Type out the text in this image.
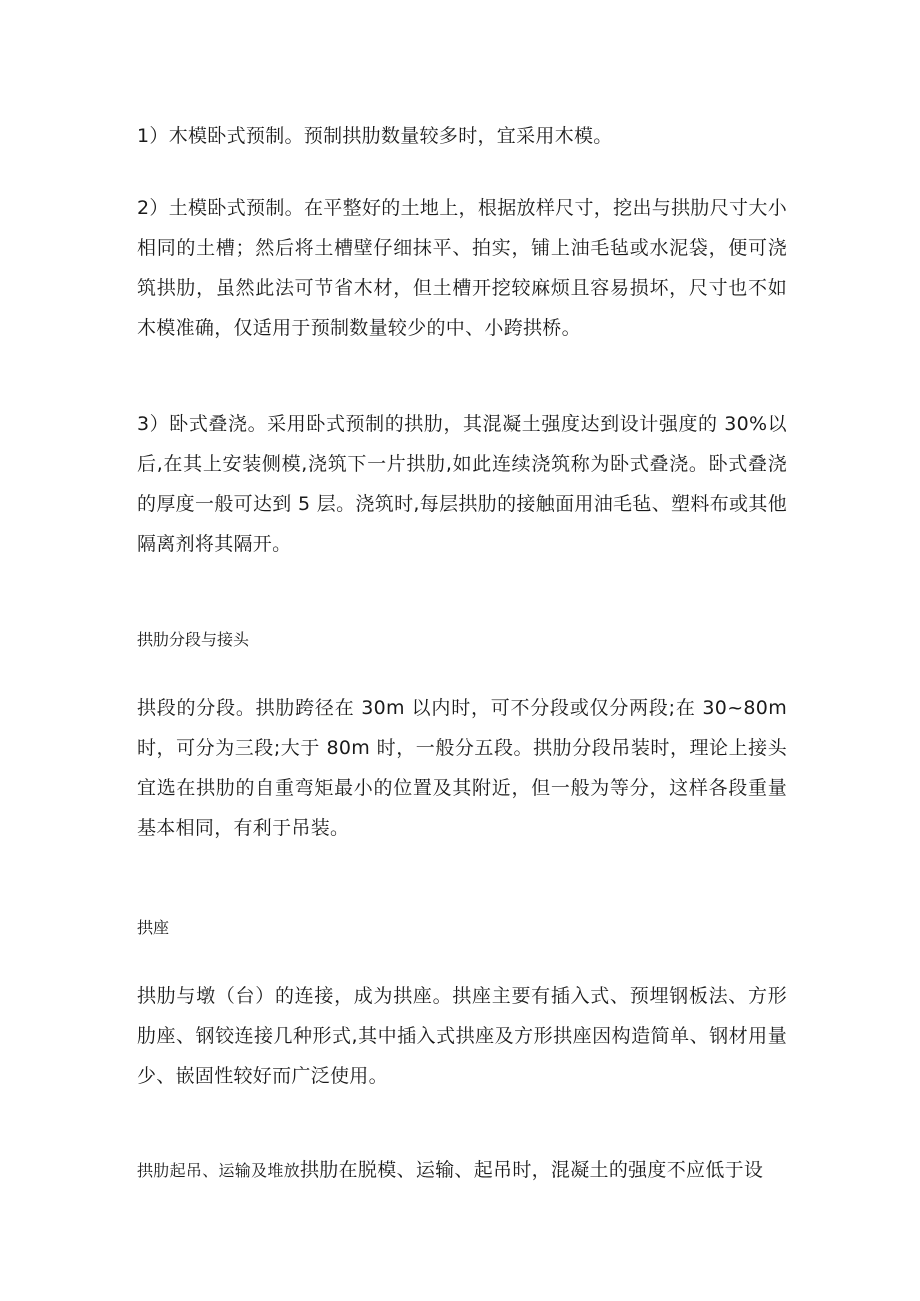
1）木模卧式预制。预制拱肋数量较多时，宜采用木模。

2）土模卧式预制。在平整好的土地上，根据放样尺寸，挖出与拱肋尺寸大小相同的土槽；然后将土槽壁仔细抹平、拍实，铺上油毛毡或水泥袋，便可浇筑拱肋，虽然此法可节省木材，但土槽开挖较麻烦且容易损坏，尺寸也不如木模准确，仅适用于预制数量较少的中、小跨拱桥。

3）卧式叠浇。采用卧式预制的拱肋，其混凝土强度达到设计强度的 30%以后,在其上安装侧模,浇筑下一片拱肋,如此连续浇筑称为卧式叠浇。卧式叠浇的厚度一般可达到 5 层。浇筑时,每层拱肋的接触面用油毛毡、塑料布或其他隔离剂将其隔开。

拱肋分段与接头

拱段的分段。拱肋跨径在 30m 以内时，可不分段或仅分两段;在 30~80m时，可分为三段;大于 80m 时，一般分五段。拱肋分段吊装时，理论上接头宜选在拱肋的自重弯矩最小的位置及其附近，但一般为等分，这样各段重量基本相同，有利于吊装。

拱座

拱肋与墩（台）的连接，成为拱座。拱座主要有插入式、预埋钢板法、方形肋座、钢铰连接几种形式,其中插入式拱座及方形拱座因构造简单、钢材用量少、嵌固性较好而广泛使用。

拱肋起吊、运输及堆放拱肋在脱模、运输、起吊时，混凝土的强度不应低于设
